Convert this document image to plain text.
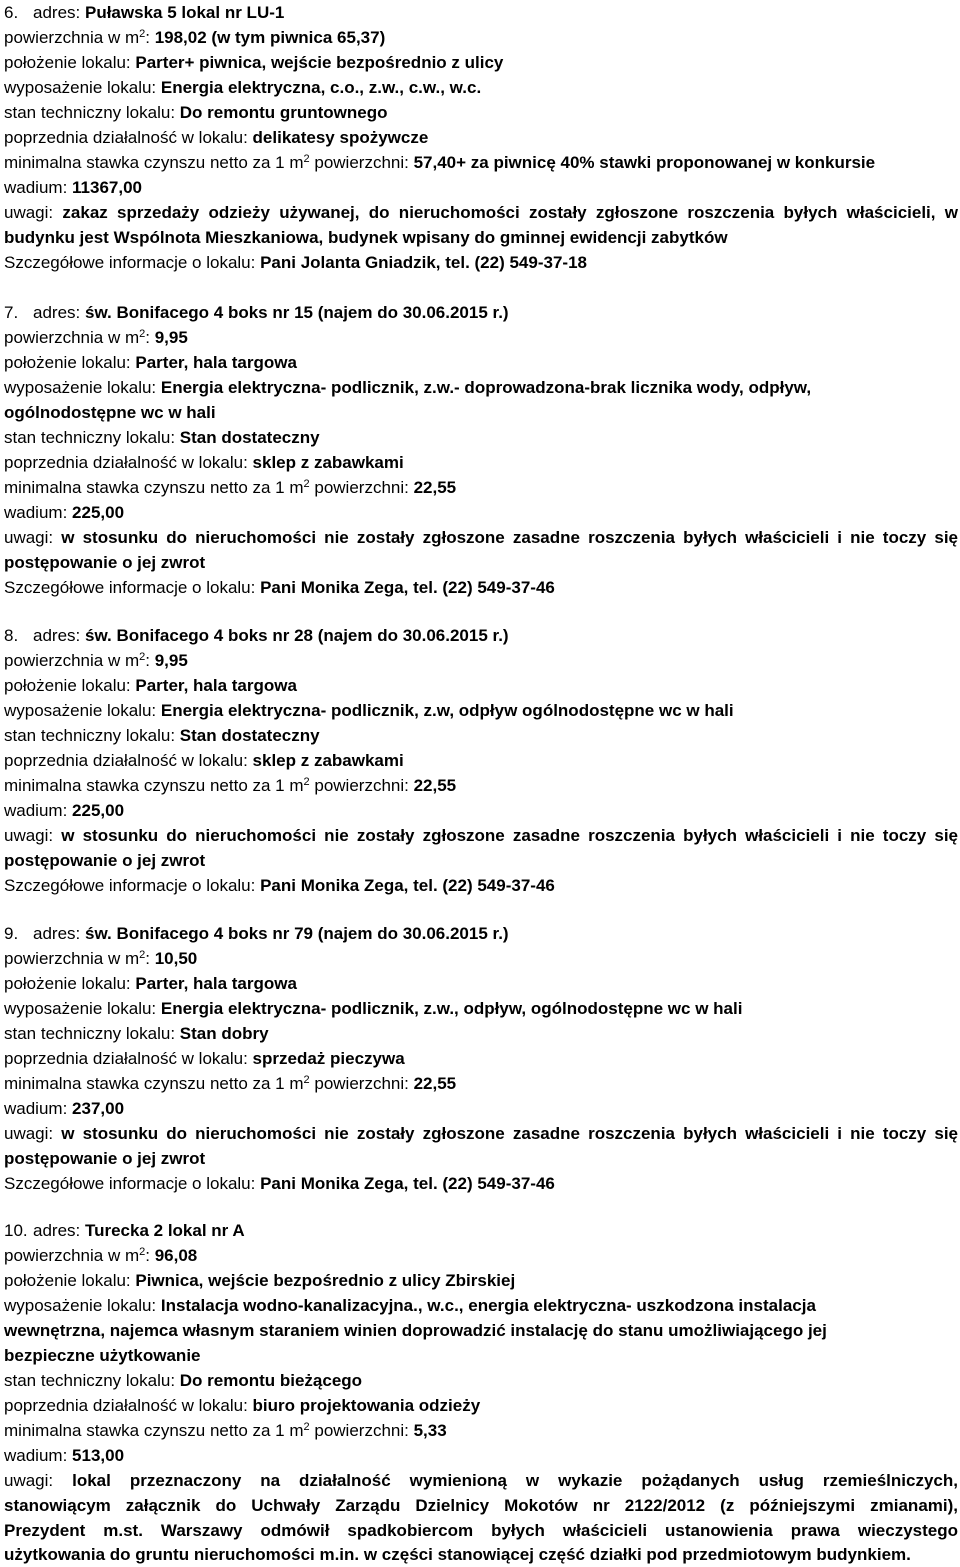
6. adres: Puławska 5 lokal nr LU-1
powierzchnia w $m^2$: 198,02 (w tym piwnica 65,37)
położenie lokalu: Parter+ piwnica, wejście bezpośrednio z ulicy
wyposażenie lokalu: Energia elektryczna, c.o., z.w., c.w., w.c.
stan techniczny lokalu: Do remontu gruntownego
poprzednia działalność w lokalu: delikatesy spożywcze
minimalna stawka czynszu netto za 1 $m^2$ powierzchni: 57,40+ za piwnicę 40% stawki proponowanej w konkursie
wadium: 11367,00
uwagi: zakaz sprzedaży odzieży używanej, do nieruchomości zostały zgłoszone roszczenia byłych właścicieli, w
budynku jest Wspólnota Mieszkaniowa, budynek wpisany do gminnej ewidencji zabytków
Szczegółowe informacje o lokalu: Pani Jolanta Gniadzik, tel. (22) 549-37-18
7. adres: św. Bonifacego 4 boks nr 15 (najem do 30.06.2015 r.)
powierzchnia w $m^2$: 9,95
położenie lokalu: Parter, hala targowa
wyposażenie lokalu: Energia elektryczna- podlicznik, z.w.- doprowadzona-brak licznika wody, odpływ,
ogólnodostępne wc w hali
stan techniczny lokalu: Stan dostateczny
poprzednia działalność w lokalu: sklep z zabawkami
minimalna stawka czynszu netto za 1 $m^2$ powierzchni: 22,55
wadium: 225,00
uwagi: w stosunku do nieruchomości nie zostały zgłoszone zasadne roszczenia byłych właścicieli i nie toczy się
postępowanie o jej zwrot
Szczegółowe informacje o lokalu: Pani Monika Zega, tel. (22) 549-37-46
8. adres: św. Bonifacego 4 boks nr 28 (najem do 30.06.2015 r.)
powierzchnia w $m^2$: 9,95
położenie lokalu: Parter, hala targowa
wyposażenie lokalu: Energia elektryczna- podlicznik, z.w, odpływ ogólnodostępne wc w hali
stan techniczny lokalu: Stan dostateczny
poprzednia działalność w lokalu: sklep z zabawkami
minimalna stawka czynszu netto za 1 $m^2$ powierzchni: 22,55
wadium: 225,00
uwagi: w stosunku do nieruchomości nie zostały zgłoszone zasadne roszczenia byłych właścicieli i nie toczy się
postępowanie o jej zwrot
Szczegółowe informacje o lokalu: Pani Monika Zega, tel. (22) 549-37-46
9. adres: św. Bonifacego 4 boks nr 79 (najem do 30.06.2015 r.)
powierzchnia w $m^2$: 10,50
położenie lokalu: Parter, hala targowa
wyposażenie lokalu: Energia elektryczna- podlicznik, z.w., odpływ, ogólnodostępne wc w hali
stan techniczny lokalu: Stan dobry
poprzednia działalność w lokalu: sprzedaż pieczywa
minimalna stawka czynszu netto za 1 $m^2$ powierzchni: 22,55
wadium: 237,00
uwagi: w stosunku do nieruchomości nie zostały zgłoszone zasadne roszczenia byłych właścicieli i nie toczy się
postępowanie o jej zwrot
Szczegółowe informacje o lokalu: Pani Monika Zega, tel. (22) 549-37-46
10. adres: Turecka 2 lokal nr A
powierzchnia w $m^2$: 96,08
położenie lokalu: Piwnica, wejście bezpośrednio z ulicy Zbirskiej
wyposażenie lokalu: Instalacja wodno-kanalizacyjna., w.c., energia elektryczna- uszkodzona instalacja
wewnętrzna, najemca własnym staraniem winien doprowadzić instalację do stanu umożliwiającego jej
bezpieczne użytkowanie
stan techniczny lokalu: Do remontu bieżącego
poprzednia działalność w lokalu: biuro projektowania odzieży
minimalna stawka czynszu netto za 1 $m^2$ powierzchni: 5,33
wadium: 513,00
uwagi: lokal przeznaczony na działalność wymienioną w wykazie pożądanych usług rzemieślniczych,
stanowiącym załącznik do Uchwały Zarządu Dzielnicy Mokotów nr 2122/2012 (z późniejszymi zmianami),
Prezydent m.st. Warszawy odmówił spadkobiercom byłych właścicieli ustanowienia prawa wieczystego
użytkowania do gruntu nieruchomości m.in. w części stanowiącej część działki pod przedmiotowym budynkiem.
